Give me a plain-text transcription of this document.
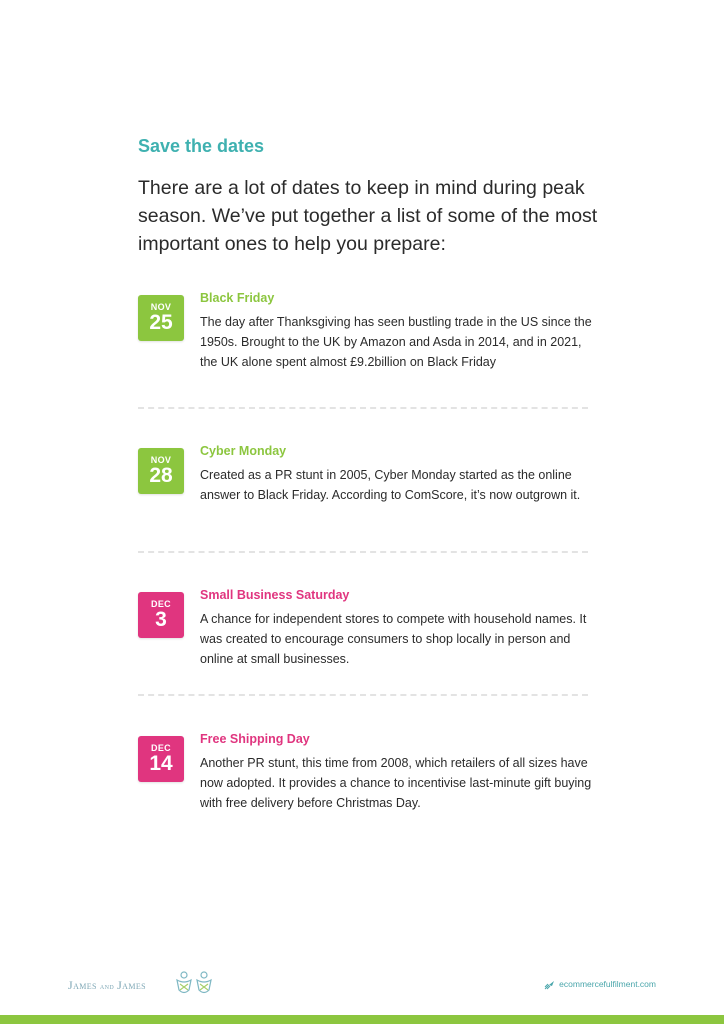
Save the dates

There are a lot of dates to keep in mind during peak season. We’ve put together a list of some of the most important ones to help you prepare:

NOV
25
Black Friday

The day after Thanksgiving has seen bustling trade in the US since the 1950s. Brought to the UK by Amazon and Asda in 2014, and in 2021, the UK alone spent almost £9.2billion on Black Friday

NOV
28
Cyber Monday

Created as a PR stunt in 2005, Cyber Monday started as the online answer to Black Friday. According to ComScore, it’s now outgrown it.

DEC
3
Small Business Saturday

A chance for independent stores to compete with household names. It was created to encourage consumers to shop locally in person and online at small businesses.

DEC
14
Free Shipping Day

Another PR stunt, this time from 2008, which retailers of all sizes have now adopted. It provides a chance to incentivise last-minute gift buying with free delivery before Christmas Day.

James and James	ecommercefulfilment.com
